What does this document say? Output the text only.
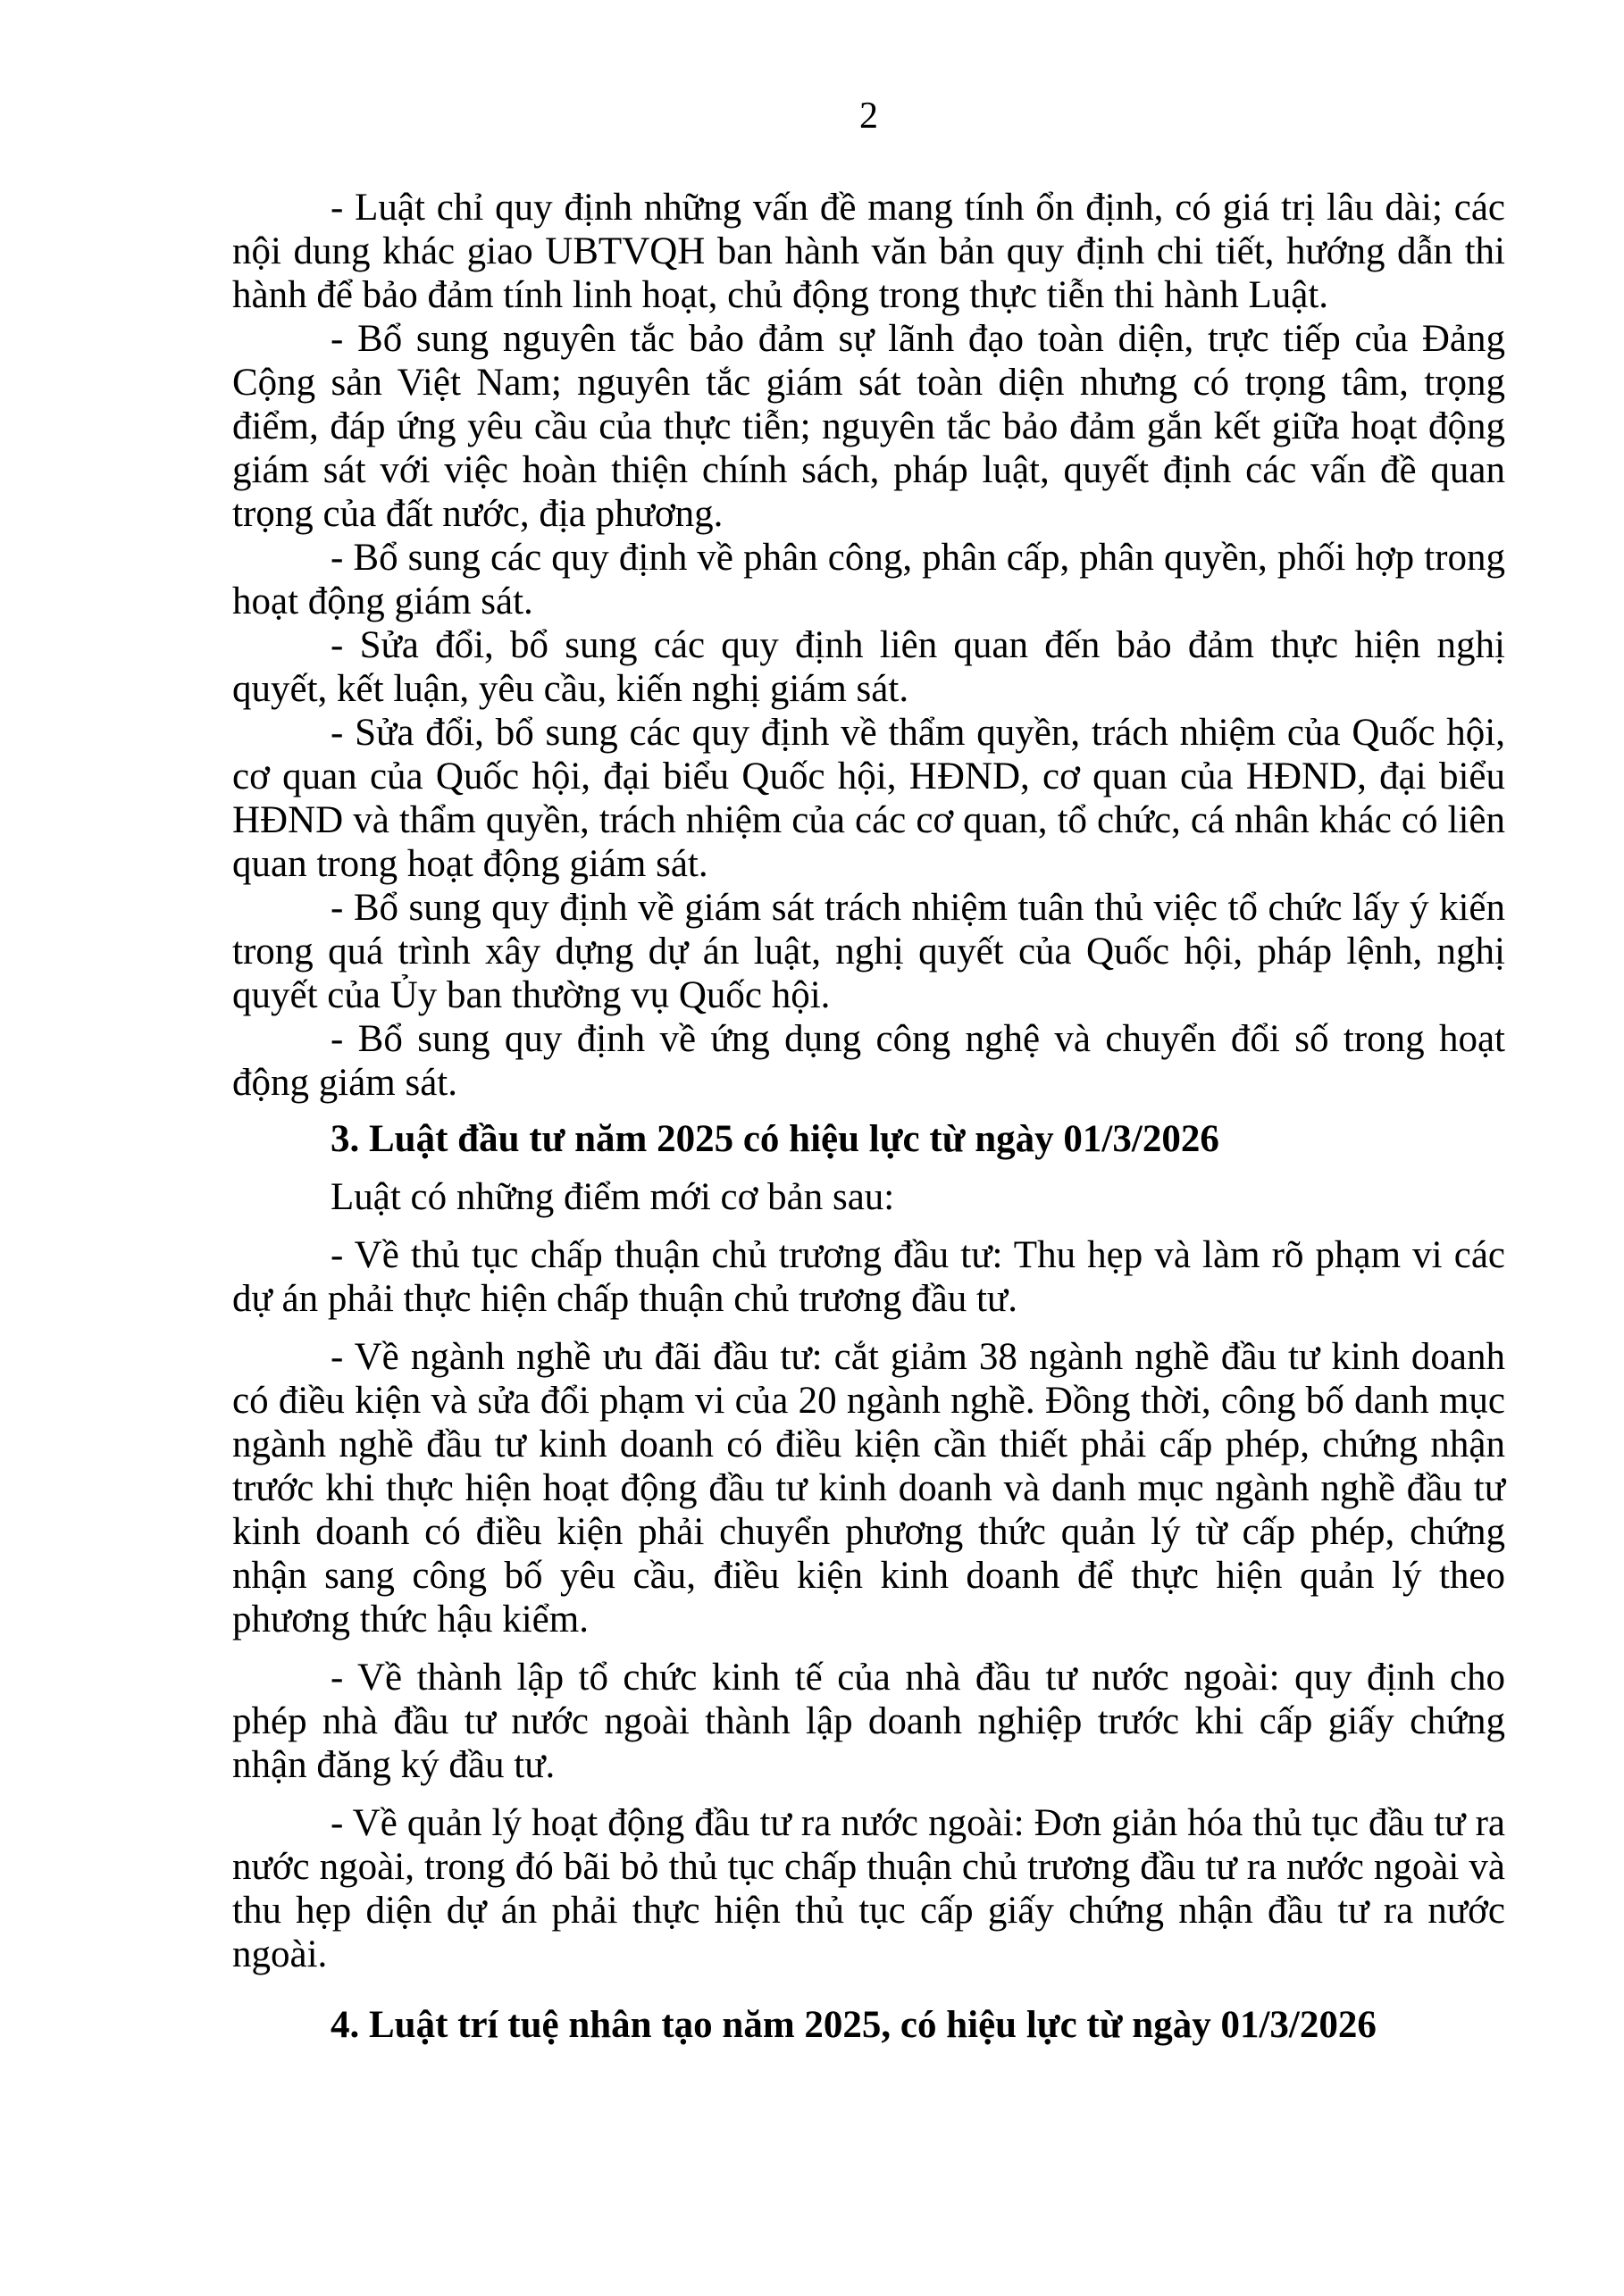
2

- Luật chỉ quy định những vấn đề mang tính ổn định, có giá trị lâu dài; các nội dung khác giao UBTVQH ban hành văn bản quy định chi tiết, hướng dẫn thi hành để bảo đảm tính linh hoạt, chủ động trong thực tiễn thi hành Luật.

- Bổ sung nguyên tắc bảo đảm sự lãnh đạo toàn diện, trực tiếp của Đảng Cộng sản Việt Nam; nguyên tắc giám sát toàn diện nhưng có trọng tâm, trọng điểm, đáp ứng yêu cầu của thực tiễn; nguyên tắc bảo đảm gắn kết giữa hoạt động giám sát với việc hoàn thiện chính sách, pháp luật, quyết định các vấn đề quan trọng của đất nước, địa phương.

- Bổ sung các quy định về phân công, phân cấp, phân quyền, phối hợp trong hoạt động giám sát.

- Sửa đổi, bổ sung các quy định liên quan đến bảo đảm thực hiện nghị quyết, kết luận, yêu cầu, kiến nghị giám sát.

- Sửa đổi, bổ sung các quy định về thẩm quyền, trách nhiệm của Quốc hội, cơ quan của Quốc hội, đại biểu Quốc hội, HĐND, cơ quan của HĐND, đại biểu HĐND và thẩm quyền, trách nhiệm của các cơ quan, tổ chức, cá nhân khác có liên quan trong hoạt động giám sát.

- Bổ sung quy định về giám sát trách nhiệm tuân thủ việc tổ chức lấy ý kiến trong quá trình xây dựng dự án luật, nghị quyết của Quốc hội, pháp lệnh, nghị quyết của Ủy ban thường vụ Quốc hội.

- Bổ sung quy định về ứng dụng công nghệ và chuyển đổi số trong hoạt động giám sát.

3. Luật đầu tư năm 2025 có hiệu lực từ ngày 01/3/2026

Luật có những điểm mới cơ bản sau:

- Về thủ tục chấp thuận chủ trương đầu tư: Thu hẹp và làm rõ phạm vi các dự án phải thực hiện chấp thuận chủ trương đầu tư.

- Về ngành nghề ưu đãi đầu tư: cắt giảm 38 ngành nghề đầu tư kinh doanh có điều kiện và sửa đổi phạm vi của 20 ngành nghề. Đồng thời, công bố danh mục ngành nghề đầu tư kinh doanh có điều kiện cần thiết phải cấp phép, chứng nhận trước khi thực hiện hoạt động đầu tư kinh doanh và danh mục ngành nghề đầu tư kinh doanh có điều kiện phải chuyển phương thức quản lý từ cấp phép, chứng nhận sang công bố yêu cầu, điều kiện kinh doanh để thực hiện quản lý theo phương thức hậu kiểm.

- Về thành lập tổ chức kinh tế của nhà đầu tư nước ngoài: quy định cho phép nhà đầu tư nước ngoài thành lập doanh nghiệp trước khi cấp giấy chứng nhận đăng ký đầu tư.

- Về quản lý hoạt động đầu tư ra nước ngoài: Đơn giản hóa thủ tục đầu tư ra nước ngoài, trong đó bãi bỏ thủ tục chấp thuận chủ trương đầu tư ra nước ngoài và thu hẹp diện dự án phải thực hiện thủ tục cấp giấy chứng nhận đầu tư ra nước ngoài.

4. Luật trí tuệ nhân tạo năm 2025, có hiệu lực từ ngày 01/3/2026
